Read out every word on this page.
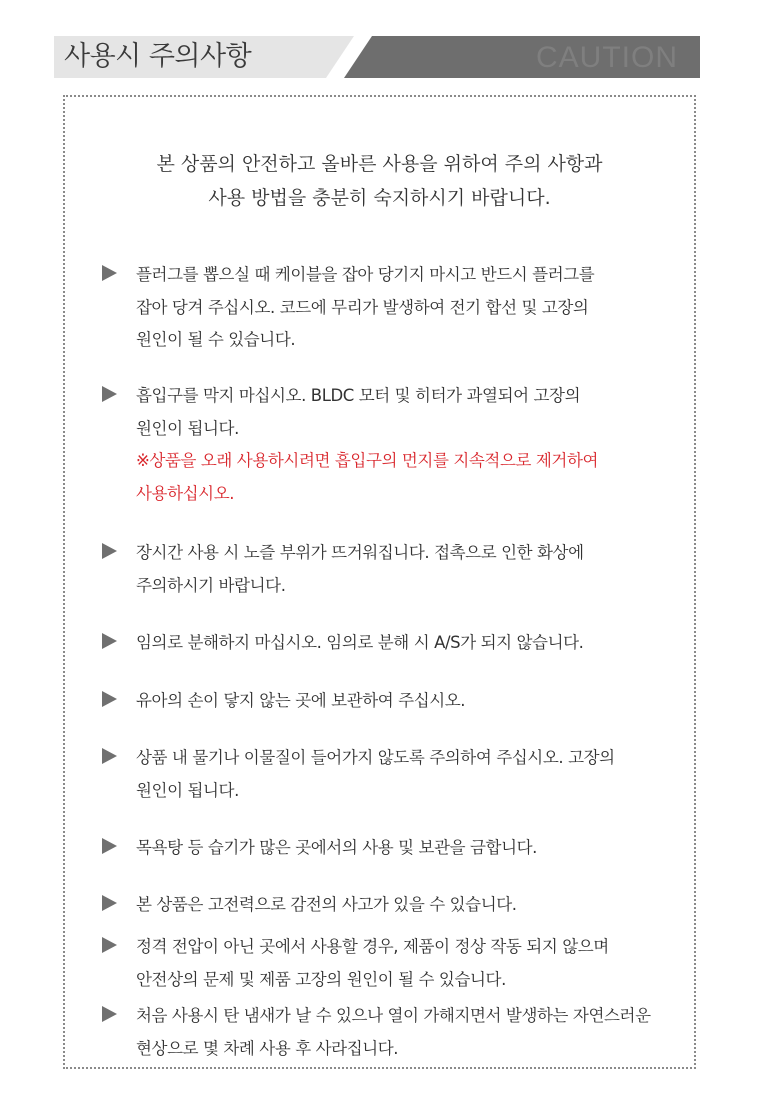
사용시 주의사항	CAUTION
본 상품의 안전하고 올바른 사용을 위하여 주의 사항과
사용 방법을 충분히 숙지하시기 바랍니다.
플러그를 뽑으실 때 케이블을 잡아 당기지 마시고 반드시 플러그를
잡아 당겨 주십시오. 코드에 무리가 발생하여 전기 합선 및 고장의
원인이 될 수 있습니다.
흡입구를 막지 마십시오. BLDC 모터 및 히터가 과열되어 고장의
원인이 됩니다.
※상품을 오래 사용하시려면 흡입구의 먼지를 지속적으로 제거하여
사용하십시오.
장시간 사용 시 노즐 부위가 뜨거워집니다. 접촉으로 인한 화상에
주의하시기 바랍니다.
임의로 분해하지 마십시오. 임의로 분해 시 A/S가 되지 않습니다.
유아의 손이 닿지 않는 곳에 보관하여 주십시오.
상품 내 물기나 이물질이 들어가지 않도록 주의하여 주십시오. 고장의
원인이 됩니다.
목욕탕 등 습기가 많은 곳에서의 사용 및 보관을 금합니다.
본 상품은 고전력으로 감전의 사고가 있을 수 있습니다.
정격 전압이 아닌 곳에서 사용할 경우, 제품이 정상 작동 되지 않으며
안전상의 문제 및 제품 고장의 원인이 될 수 있습니다.
처음 사용시 탄 냄새가 날 수 있으나 열이 가해지면서 발생하는 자연스러운
현상으로 몇 차례 사용 후 사라집니다.
